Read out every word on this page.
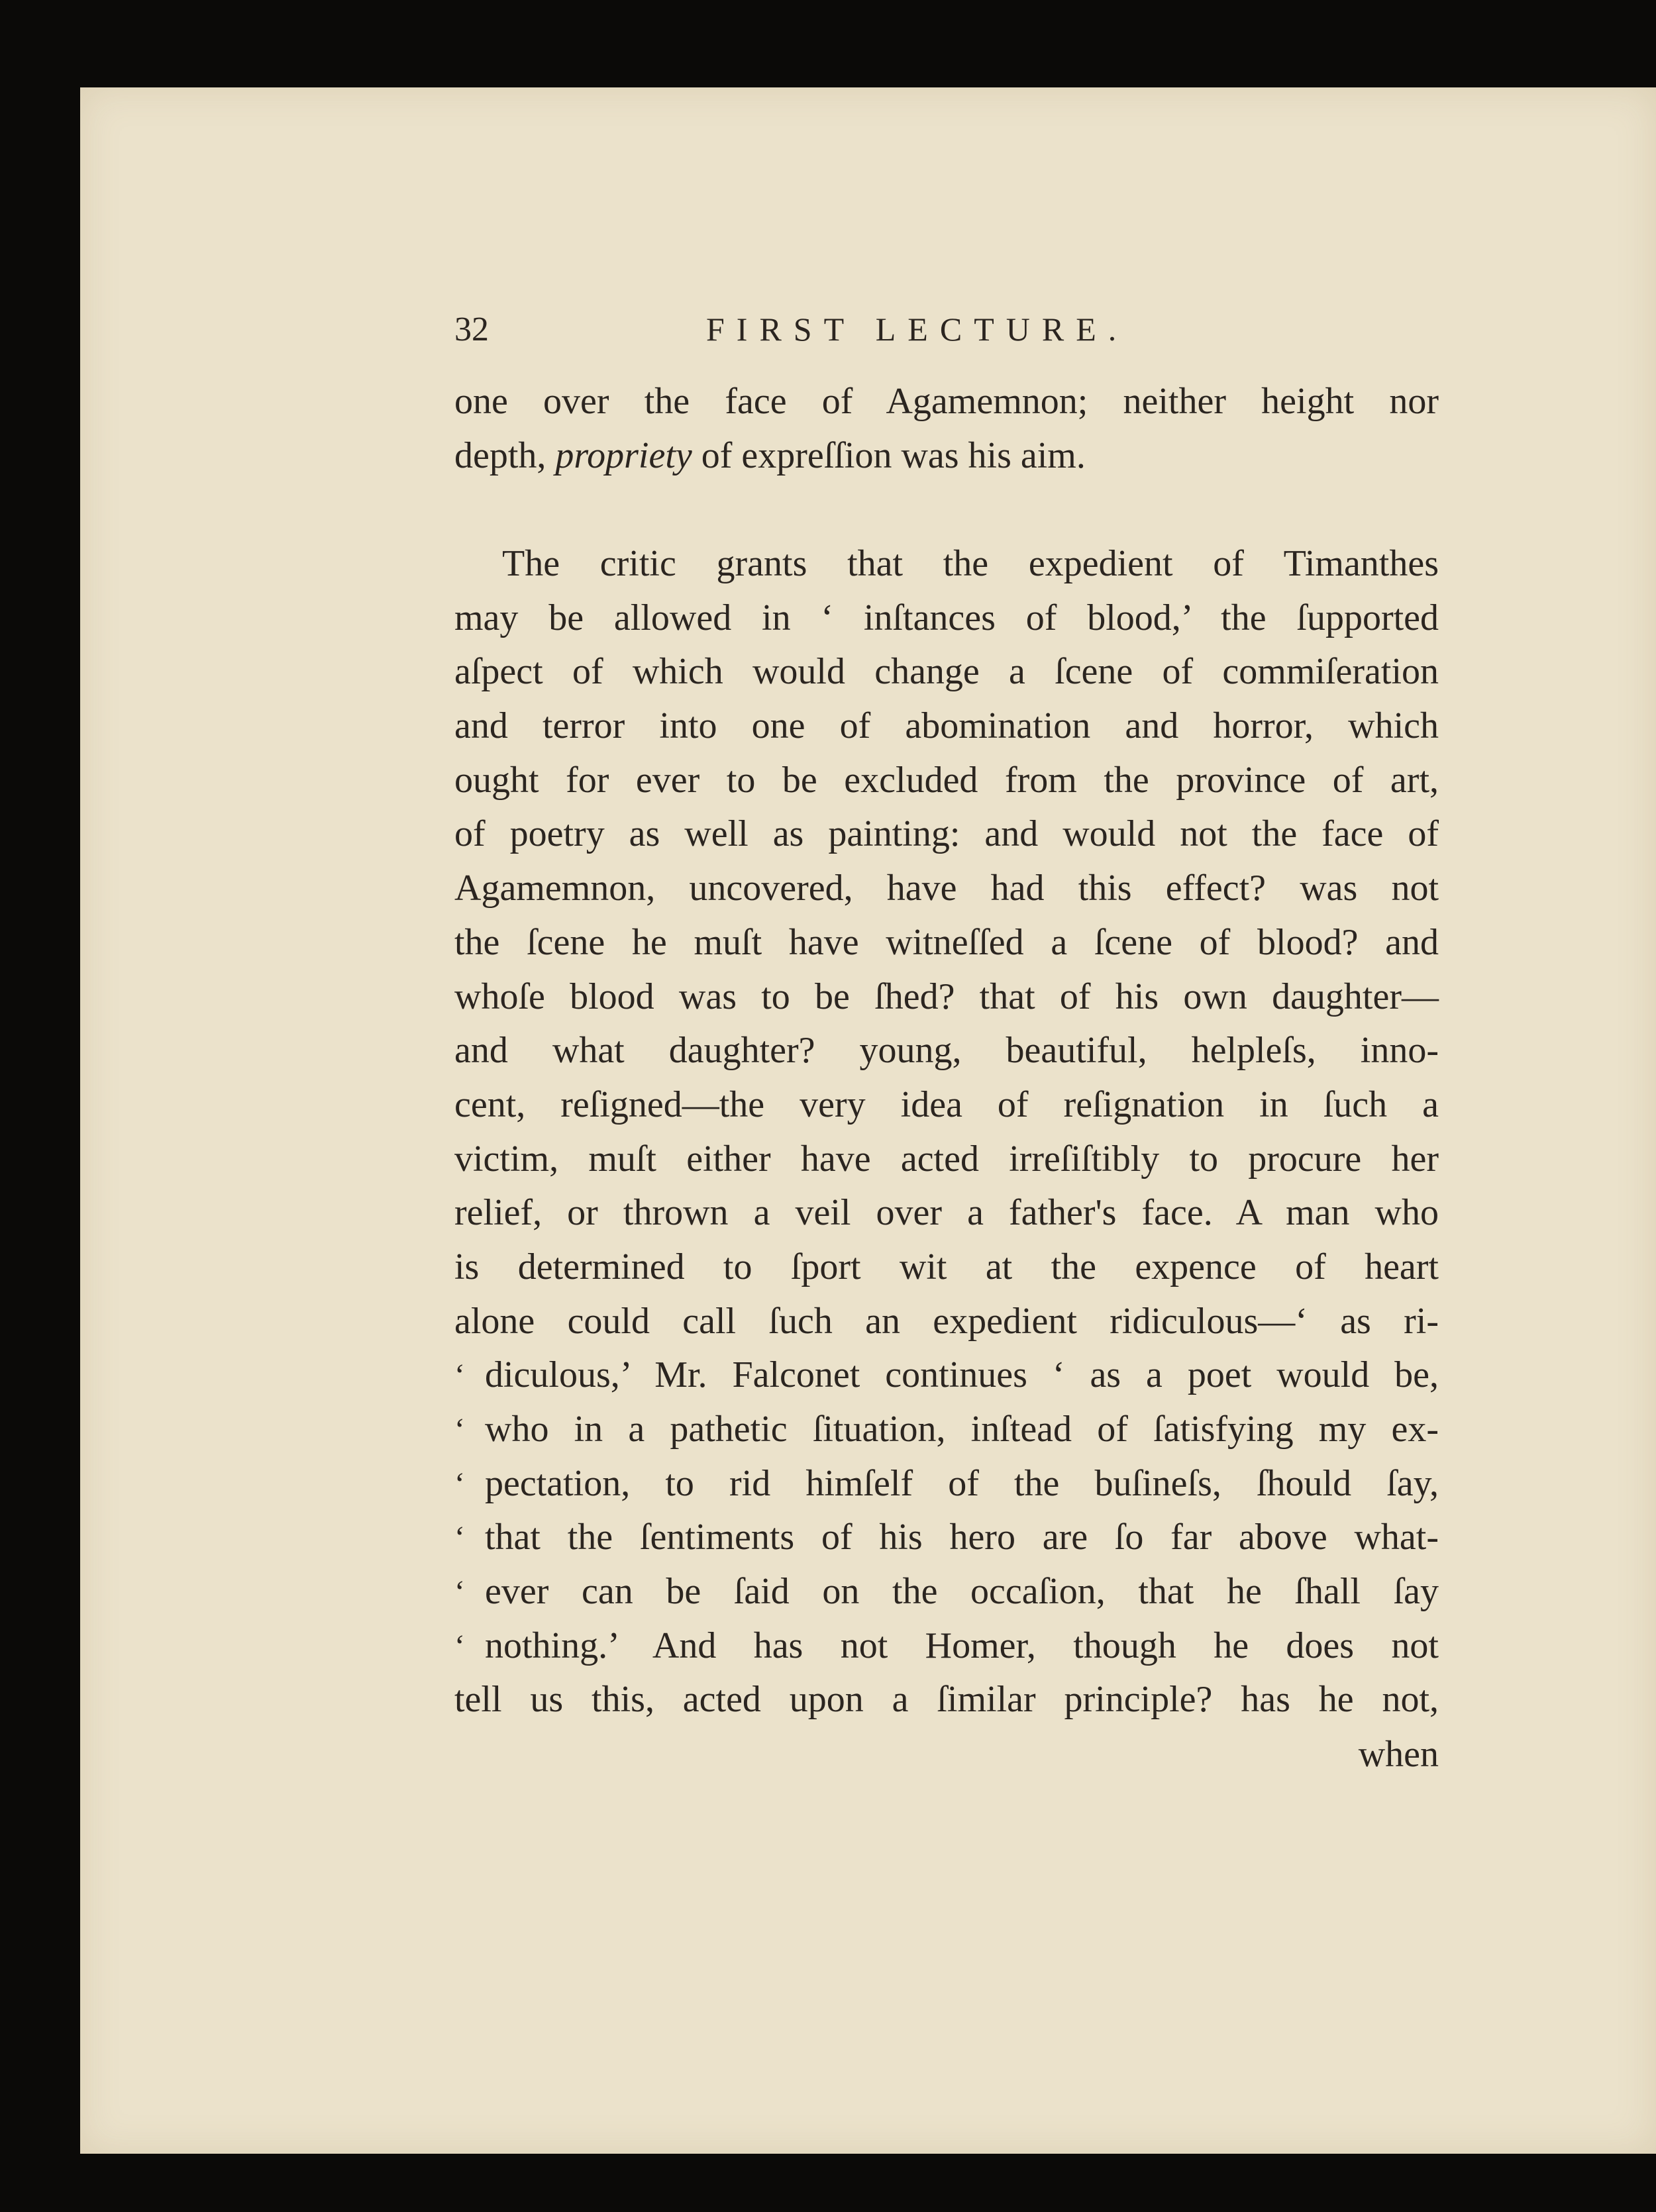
32	FIRST LECTURE.
one over the face of Agamemnon; neither height nor
depth, propriety of expreſſion was his aim.
The critic grants that the expedient of Timanthes
may be allowed in ‘ inſtances of blood,’ the ſupported
aſpect of which would change a ſcene of commiſeration
and terror into one of abomination and horror, which
ought for ever to be excluded from the province of art,
of poetry as well as painting: and would not the face of
Agamemnon, uncovered, have had this effect? was not
the ſcene he muſt have witneſſed a ſcene of blood? and
whoſe blood was to be ſhed? that of his own daughter—
and what daughter? young, beautiful, helpleſs, inno-
cent, reſigned—the very idea of reſignation in ſuch a
victim, muſt either have acted irreſiſtibly to procure her
relief, or thrown a veil over a father's face. A man who
is determined to ſport wit at the expence of heart
alone could call ſuch an expedient ridiculous—‘ as ri-
‘ diculous,’ Mr. Falconet continues ‘ as a poet would be,
‘ who in a pathetic ſituation, inſtead of ſatisfying my ex-
‘ pectation, to rid himſelf of the buſineſs, ſhould ſay,
‘ that the ſentiments of his hero are ſo far above what-
‘ ever can be ſaid on the occaſion, that he ſhall ſay
‘ nothing.’ And has not Homer, though he does not
tell us this, acted upon a ſimilar principle? has he not,
when
